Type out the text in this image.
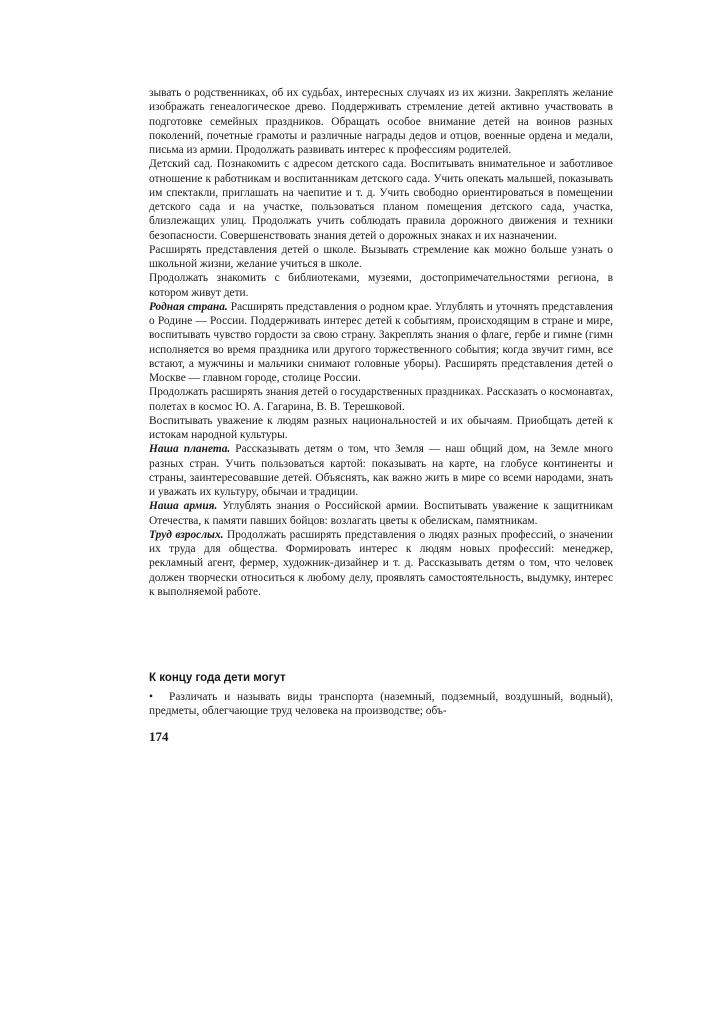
зывать о родственниках, об их судьбах, интересных случаях из их жизни. Закреплять желание изображать генеалогическое древо. Поддерживать стремление детей активно участвовать в подготовке семейных праздников. Обращать особое внимание детей на воинов разных поколений, почетные грамоты и различные награды дедов и отцов, военные ордена и медали, письма из армии. Продолжать развивать интерес к профессиям родителей.

Детский сад. Познакомить с адресом детского сада. Воспитывать внимательное и заботливое отношение к работникам и воспитанникам детского сада. Учить опекать малышей, показывать им спектакли, приглашать на чаепитие и т. д. Учить свободно ориентироваться в помещении детского сада и на участке, пользоваться планом помещения детского сада, участка, близлежащих улиц. Продолжать учить соблюдать правила дорожного движения и техники безопасности. Совершенствовать знания детей о дорожных знаках и их назначении.

Расширять представления детей о школе. Вызывать стремление как можно больше узнать о школьной жизни, желание учиться в школе.

Продолжать знакомить с библиотеками, музеями, достопримечательностями региона, в котором живут дети.

Родная страна. Расширять представления о родном крае. Углублять и уточнять представления о Родине — России. Поддерживать интерес детей к событиям, происходящим в стране и мире, воспитывать чувство гордости за свою страну. Закреплять знания о флаге, гербе и гимне (гимн исполняется во время праздника или другого торжественного события; когда звучит гимн, все встают, а мужчины и мальчики снимают головные уборы). Расширять представления детей о Москве — главном городе, столице России.

Продолжать расширять знания детей о государственных праздниках. Рассказать о космонавтах, полетах в космос Ю. А. Гагарина, В. В. Терешковой.

Воспитывать уважение к людям разных национальностей и их обычаям. Приобщать детей к истокам народной культуры.

Наша планета. Рассказывать детям о том, что Земля — наш общий дом, на Земле много разных стран. Учить пользоваться картой: показывать на карте, на глобусе континенты и страны, заинтересовавшие детей. Объяснять, как важно жить в мире со всеми народами, знать и уважать их культуру, обычаи и традиции.

Наша армия. Углублять знания о Российской армии. Воспитывать уважение к защитникам Отечества, к памяти павших бойцов: возлагать цветы к обелискам, памятникам.

Труд взрослых. Продолжать расширять представления о людях разных профессий, о значении их труда для общества. Формировать интерес к людям новых профессий: менеджер, рекламный агент, фермер, художник-дизайнер и т. д. Рассказывать детям о том, что человек должен творчески относиться к любому делу, проявлять самостоятельность, выдумку, интерес к выполняемой работе.

К концу года дети могут
• Различать и называть виды транспорта (наземный, подземный, воздушный, водный), предметы, облегчающие труд человека на производстве; объ-
174
